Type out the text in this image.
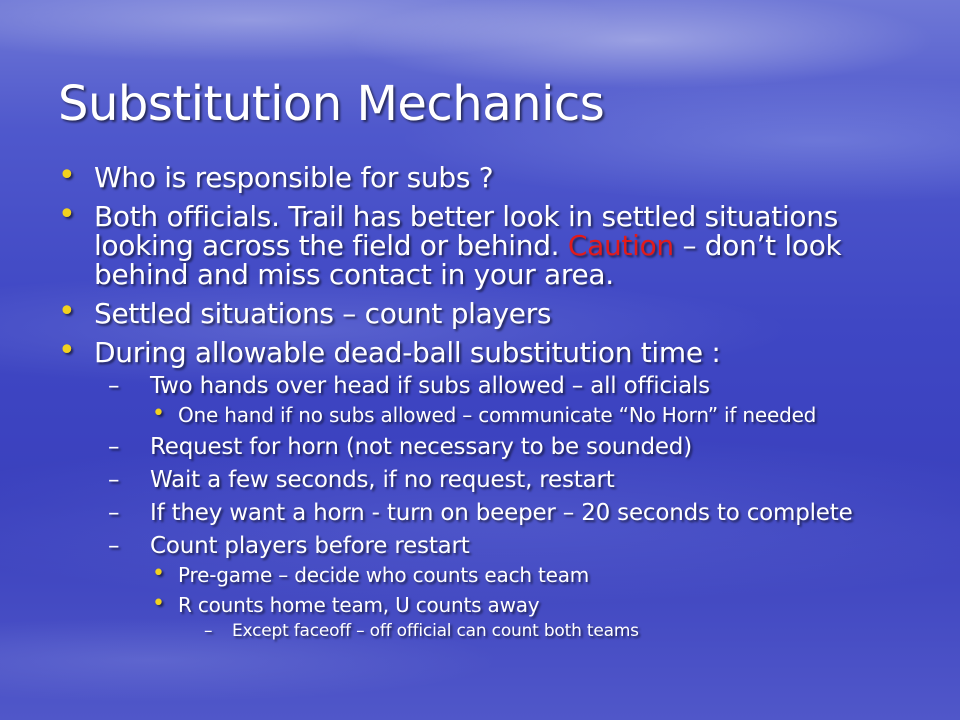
Substitution Mechanics
• Who is responsible for subs ?
• Both officials. Trail has better look in settled situations looking across the field or behind. Caution – don’t look behind and miss contact in your area.
• Settled situations – count players
• During allowable dead-ball substitution time :
– Two hands over head if subs allowed – all officials
• One hand if no subs allowed – communicate “No Horn” if needed
– Request for horn (not necessary to be sounded)
– Wait a few seconds, if no request, restart
– If they want a horn - turn on beeper – 20 seconds to complete
– Count players before restart
• Pre-game – decide who counts each team
• R counts home team, U counts away
– Except faceoff – off official can count both teams
